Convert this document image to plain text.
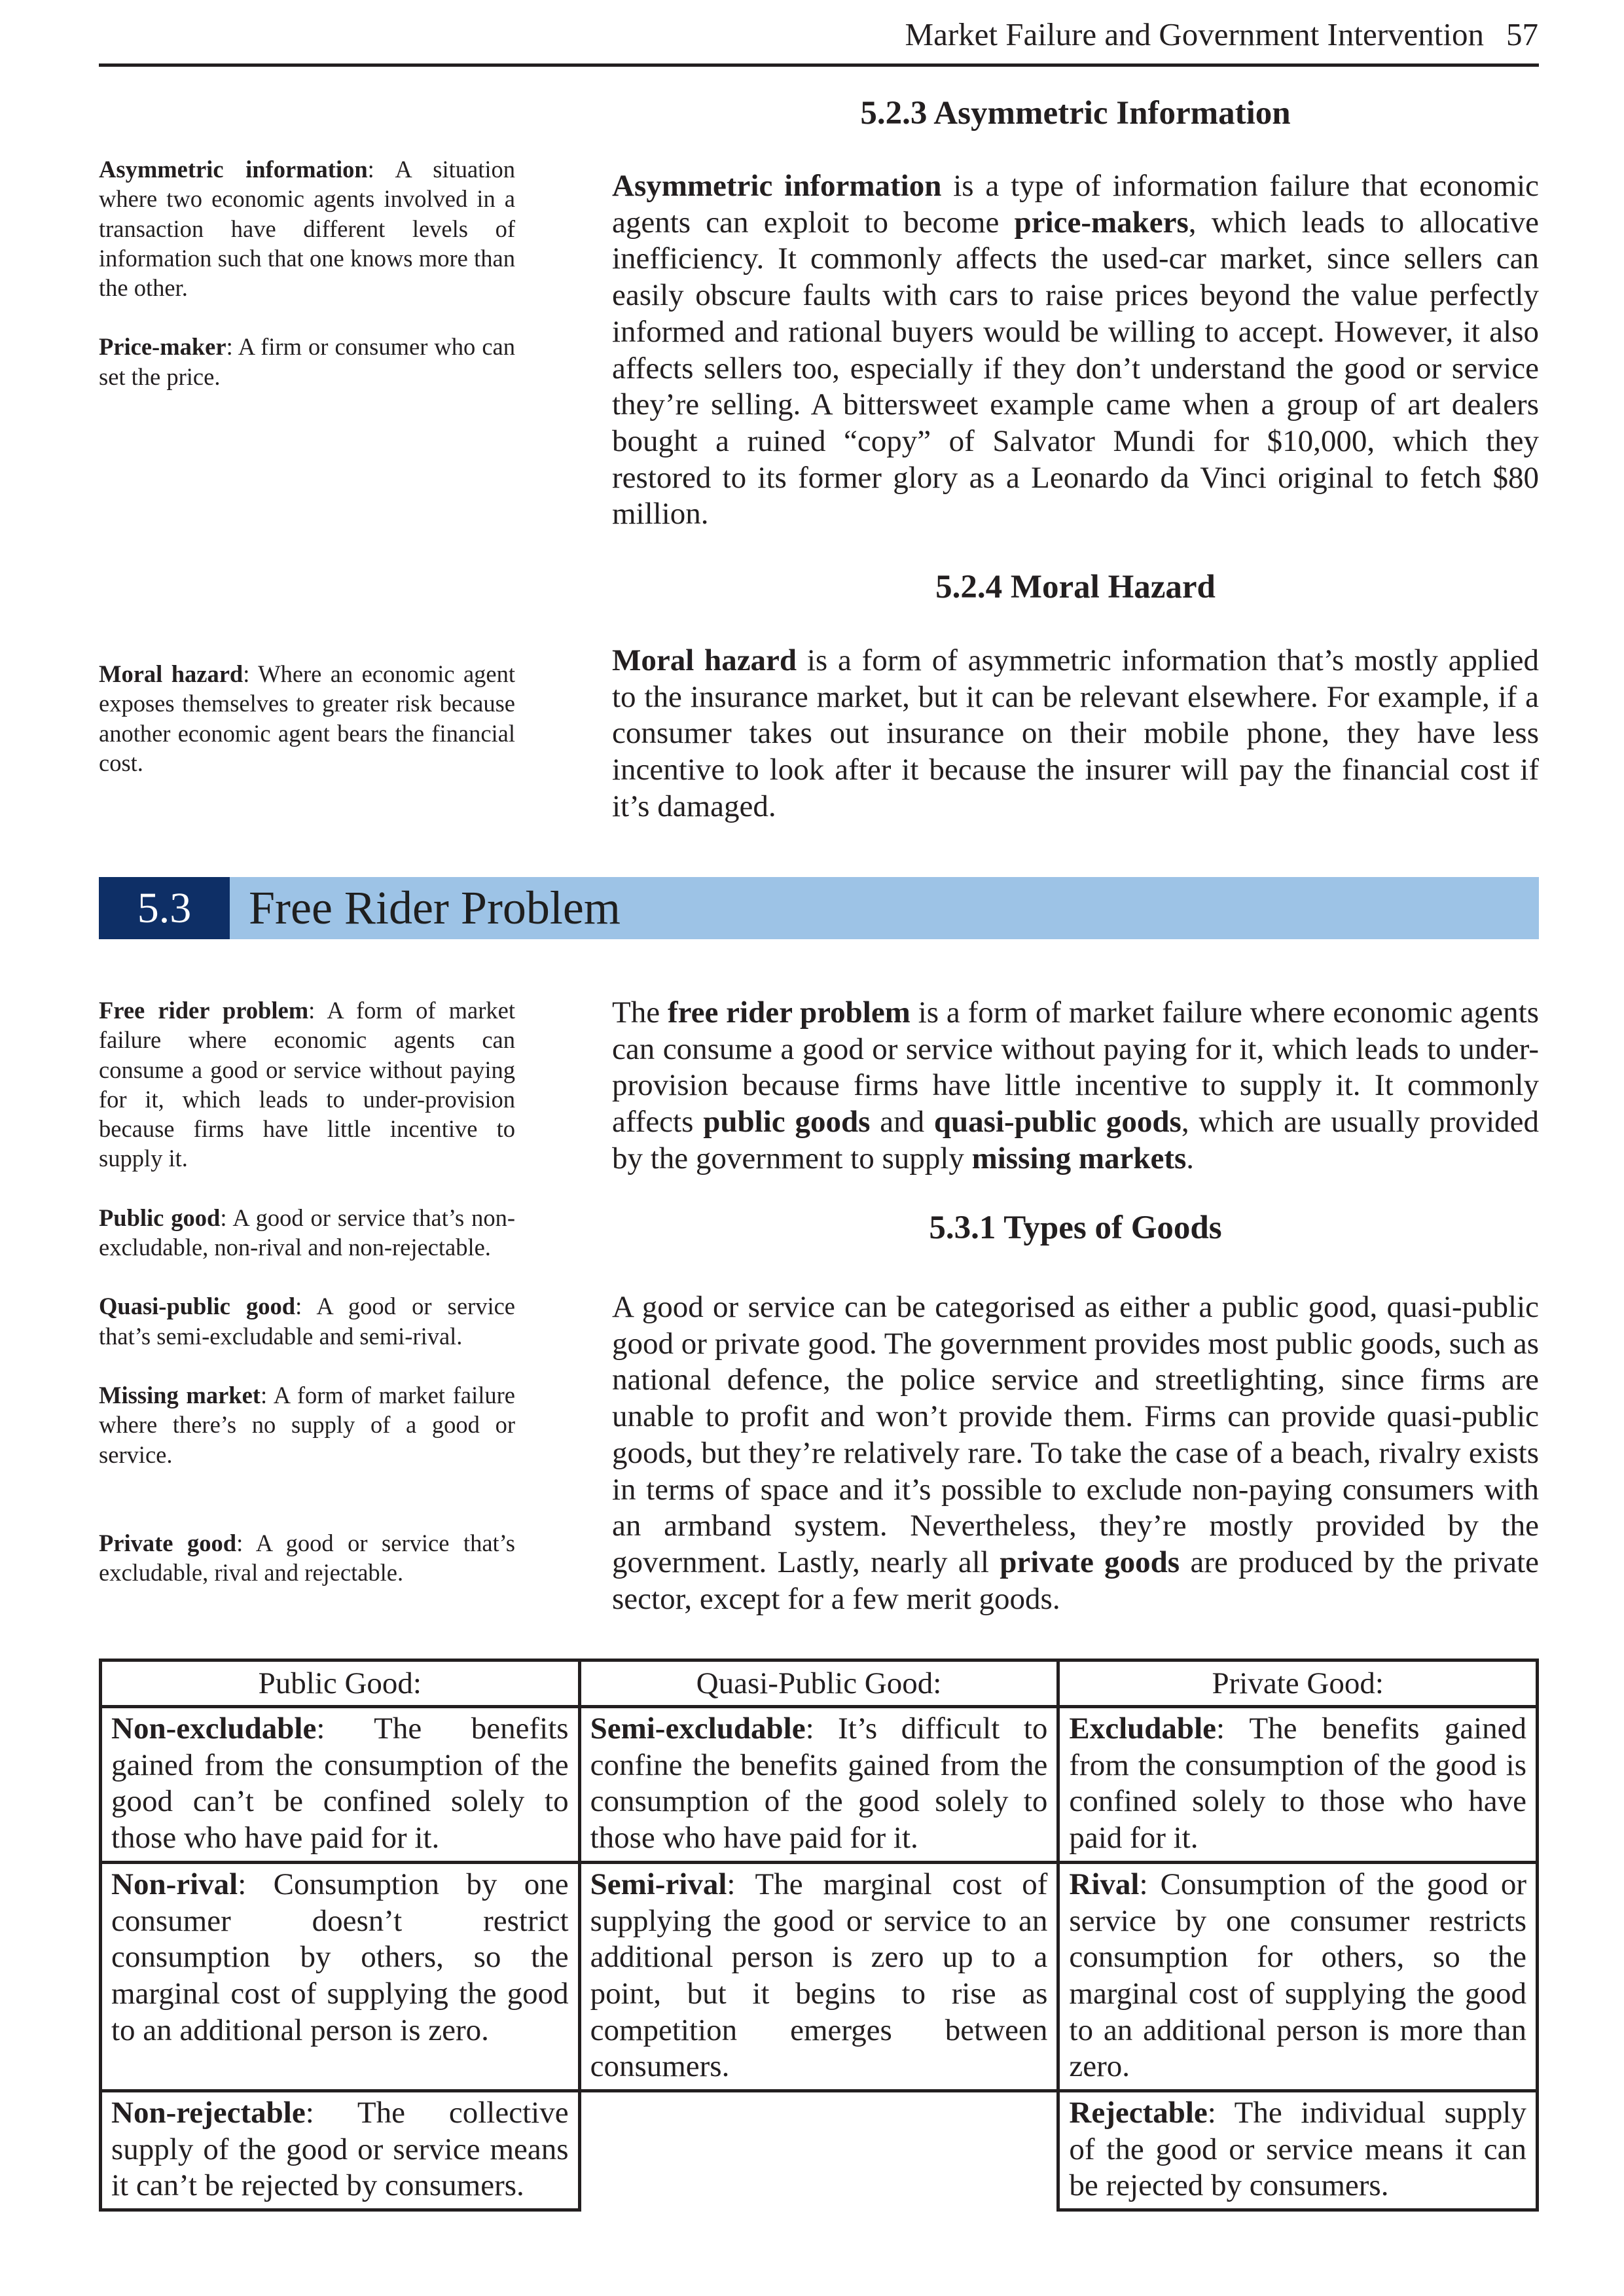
Market Failure and Government Intervention 57
5.2.3 Asymmetric Information

Asymmetric information: A situation where two economic agents involved in a transaction have different levels of information such that one knows more than the other.

Price-maker: A firm or consumer who can set the price.

Asymmetric information is a type of information failure that economic agents can exploit to become price-makers, which leads to allocative inefficiency. It commonly affects the used-car market, since sellers can easily obscure faults with cars to raise prices beyond the value perfectly informed and rational buyers would be willing to accept. However, it also affects sellers too, especially if they don’t understand the good or service they’re selling. A bittersweet example came when a group of art dealers bought a ruined “copy” of Salvator Mundi for $10,000, which they restored to its former glory as a Leonardo da Vinci original to fetch $80 million.
5.2.4 Moral Hazard

Moral hazard: Where an economic agent exposes themselves to greater risk because another economic agent bears the financial cost.

Moral hazard is a form of asymmetric information that’s mostly applied to the insurance market, but it can be relevant elsewhere. For example, if a consumer takes out insurance on their mobile phone, they have less incentive to look after it because the insurer will pay the financial cost if it’s damaged.
5.3	Free Rider Problem

Free rider problem: A form of market failure where economic agents can consume a good or service without paying for it, which leads to under-provision because firms have little incentive to supply it.

Public good: A good or service that’s non-excludable, non-rival and non-rejectable.

Quasi-public good: A good or service that’s semi-excludable and semi-rival.

Missing market: A form of market failure where there’s no supply of a good or service.

Private good: A good or service that’s excludable, rival and rejectable.

The free rider problem is a form of market failure where economic agents can consume a good or service without paying for it, which leads to under-provision because firms have little incentive to supply it. It commonly affects public goods and quasi-public goods, which are usually provided by the government to supply missing markets.
5.3.1 Types of Goods
A good or service can be categorised as either a public good, quasi-public good or private good. The government provides most public goods, such as national defence, the police service and streetlighting, since firms are unable to profit and won’t provide them. Firms can provide quasi-public goods, but they’re relatively rare. To take the case of a beach, rivalry exists in terms of space and it’s possible to exclude non-paying consumers with an armband system. Nevertheless, they’re mostly provided by the government. Lastly, nearly all private goods are produced by the private sector, except for a few merit goods.
Public Good:	Quasi-Public Good:	Private Good:
Non-excludable: The benefits gained from the consumption of the good can’t be confined solely to those who have paid for it.	Semi-excludable: It’s difficult to confine the benefits gained from the consumption of the good solely to those who have paid for it.	Excludable: The benefits gained from the consumption of the good is confined solely to those who have paid for it.
Non-rival: Consumption by one consumer doesn’t restrict consumption by others, so the marginal cost of supplying the good to an additional person is zero.	Semi-rival: The marginal cost of supplying the good or service to an additional person is zero up to a point, but it begins to rise as competition emerges between consumers.	Rival: Consumption of the good or service by one consumer restricts consumption for others, so the marginal cost of supplying the good to an additional person is more than zero.
Non-rejectable: The collective supply of the good or service means it can’t be rejected by consumers.		Rejectable: The individual supply of the good or service means it can be rejected by consumers.
